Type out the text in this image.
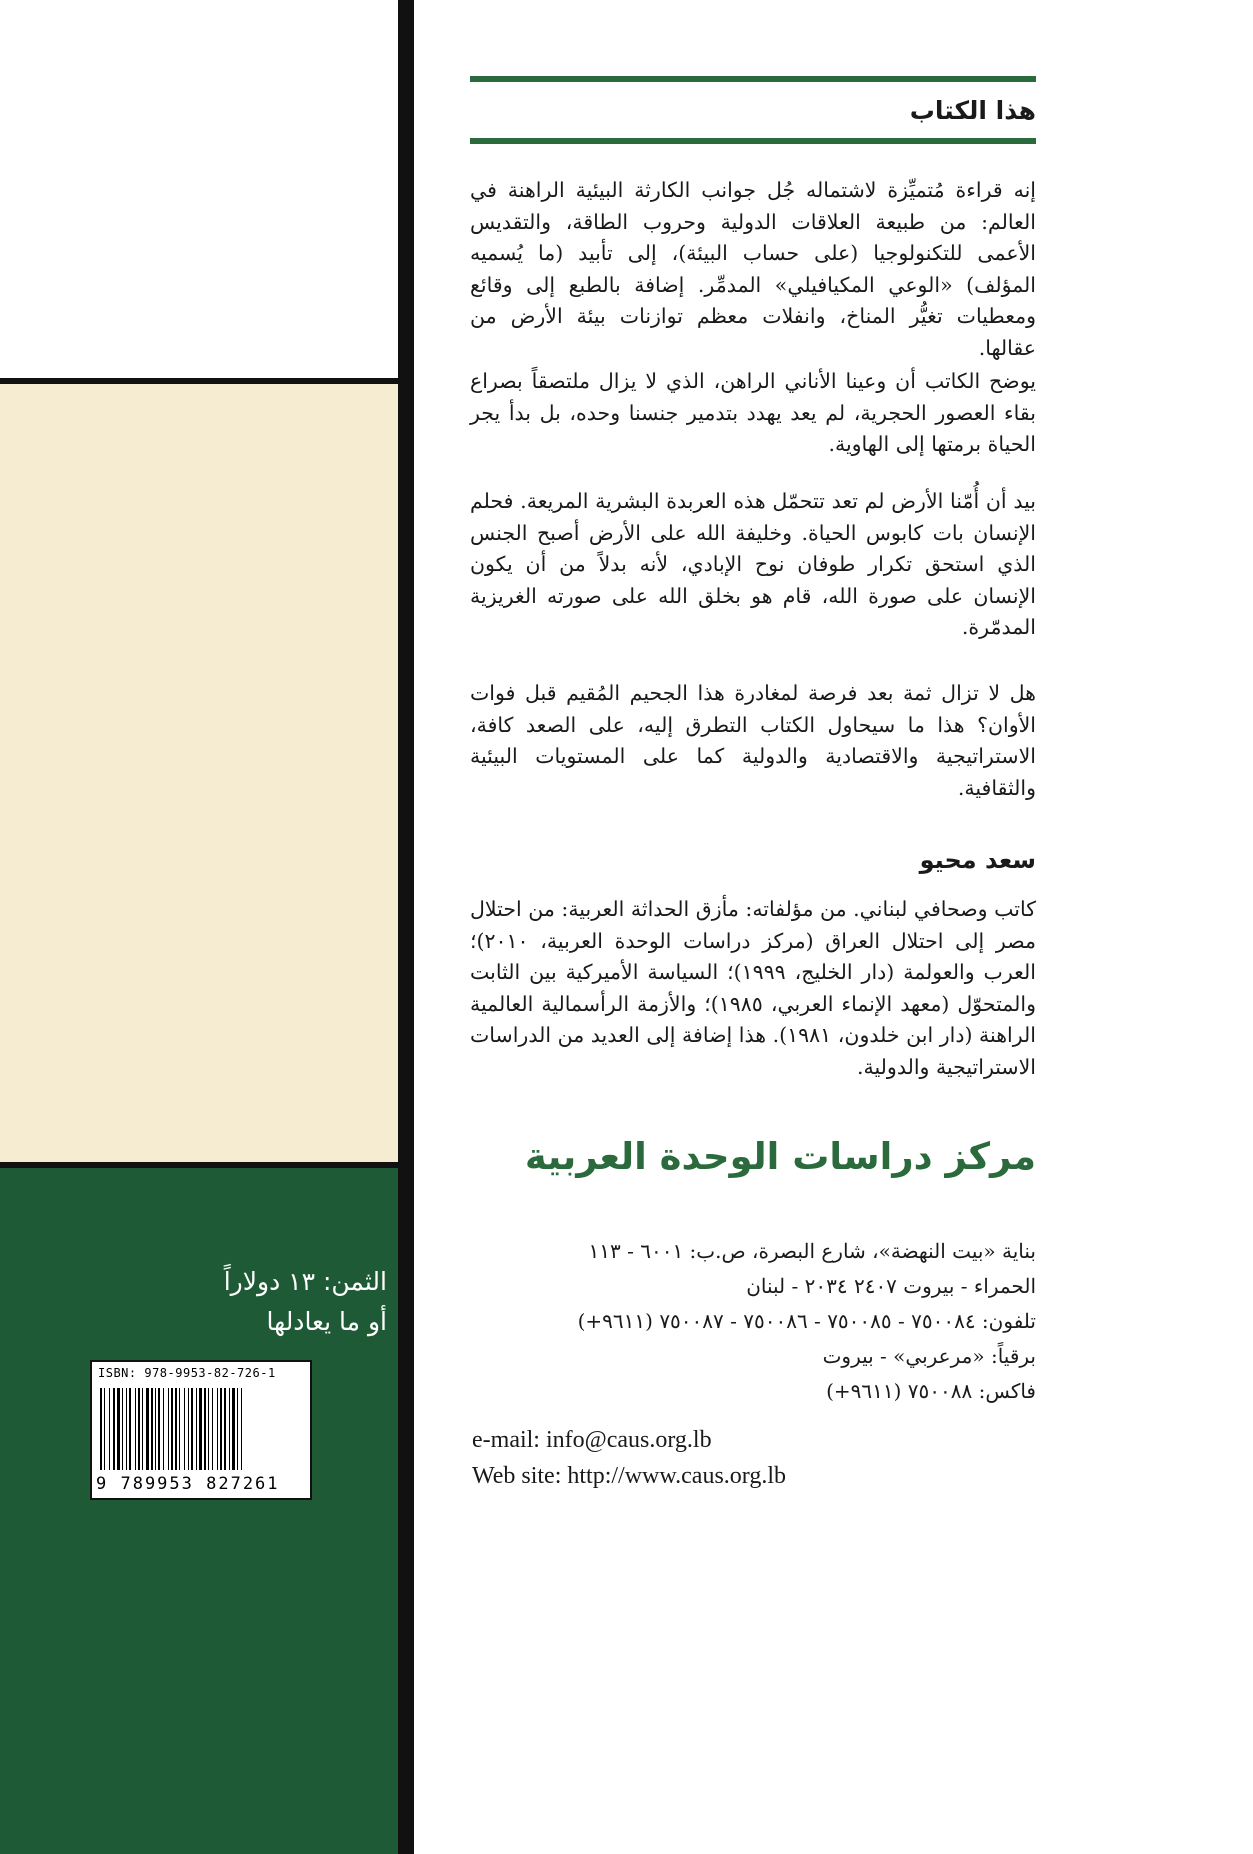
الثمن: ١٣ دولاراً
أو ما يعادلها
ISBN: 978-9953-82-726-1
9 789953 827261
هذا الكتاب
إنه قراءة مُتميِّزة لاشتماله جُل جوانب الكارثة البيئية الراهنة في العالم: من طبيعة العلاقات الدولية وحروب الطاقة، والتقديس الأعمى للتكنولوجيا (على حساب البيئة)، إلى تأبيد (ما يُسميه المؤلف) «الوعي المكيافيلي» المدمِّر. إضافة بالطبع إلى وقائع ومعطيات تغيُّر المناخ، وانفلات معظم توازنات بيئة الأرض من عقالها.
يوضح الكاتب أن وعينا الأناني الراهن، الذي لا يزال ملتصقاً بصراع بقاء العصور الحجرية، لم يعد يهدد بتدمير جنسنا وحده، بل بدأ يجر الحياة برمتها إلى الهاوية.
بيد أن أُمّنا الأرض لم تعد تتحمّل هذه العربدة البشرية المريعة. فحلم الإنسان بات كابوس الحياة. وخليفة الله على الأرض أصبح الجنس الذي استحق تكرار طوفان نوح الإبادي، لأنه بدلاً من أن يكون الإنسان على صورة الله، قام هو بخلق الله على صورته الغريزية المدمّرة.
هل لا تزال ثمة بعد فرصة لمغادرة هذا الجحيم المُقيم قبل فوات الأوان؟ هذا ما سيحاول الكتاب التطرق إليه، على الصعد كافة، الاستراتيجية والاقتصادية والدولية كما على المستويات البيئية والثقافية.
سعد محيو
كاتب وصحافي لبناني. من مؤلفاته: مأزق الحداثة العربية: من احتلال مصر إلى احتلال العراق (مركز دراسات الوحدة العربية، ٢٠١٠)؛ العرب والعولمة (دار الخليج، ١٩٩٩)؛ السياسة الأميركية بين الثابت والمتحوّل (معهد الإنماء العربي، ١٩٨٥)؛ والأزمة الرأسمالية العالمية الراهنة (دار ابن خلدون، ١٩٨١). هذا إضافة إلى العديد من الدراسات الاستراتيجية والدولية.
مركز دراسات الوحدة العربية
بناية «بيت النهضة»، شارع البصرة، ص.ب: ٦٠٠١ - ١١٣
الحمراء - بيروت ٢٤٠٧ ٢٠٣٤ - لبنان
تلفون: ٧٥٠٠٨٤ - ٧٥٠٠٨٥ - ٧٥٠٠٨٦ - ٧٥٠٠٨٧ (٩٦١١+)
برقياً: «مرعربي» - بيروت
فاكس: ٧٥٠٠٨٨ (٩٦١١+)
e-mail: info@caus.org.lb
Web site: http://www.caus.org.lb
